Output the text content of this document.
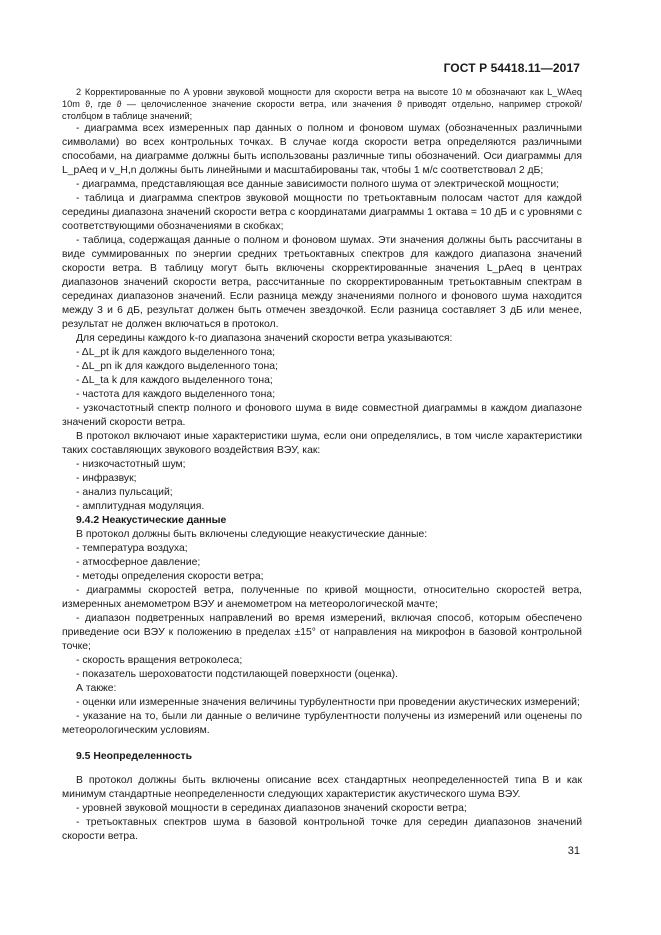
ГОСТ Р 54418.11—2017

2 Корректированные по A уровни звуковой мощности для скорости ветра на высоте 10 м обозначают как L_WAeq 10m ϑ, где ϑ — целочисленное значение скорости ветра, или значения ϑ приводят отдельно, например строкой/столбцом в таблице значений;

- диаграмма всех измеренных пар данных о полном и фоновом шумах (обозначенных различными символами) во всех контрольных точках. В случае когда скорости ветра определяются различными способами, на диаграмме должны быть использованы различные типы обозначений. Оси диаграммы для L_pAeq и v_H,n должны быть линейными и масштабированы так, чтобы 1 м/с соответствовал 2 дБ;

- диаграмма, представляющая все данные зависимости полного шума от электрической мощности;

- таблица и диаграмма спектров звуковой мощности по третьоктавным полосам частот для каждой середины диапазона значений скорости ветра с координатами диаграммы 1 октава = 10 дБ и с уровнями с соответствующими обозначениями в скобках;

- таблица, содержащая данные о полном и фоновом шумах. Эти значения должны быть рассчитаны в виде суммированных по энергии средних третьоктавных спектров для каждого диапазона значений скорости ветра. В таблицу могут быть включены скорректированные значения L_pAeq в центрах диапазонов значений скорости ветра, рассчитанные по скорректированным третьоктавным спектрам в серединах диапазонов значений. Если разница между значениями полного и фонового шума находится между 3 и 6 дБ, результат должен быть отмечен звездочкой. Если разница составляет 3 дБ или менее, результат не должен включаться в протокол.

Для середины каждого k-го диапазона значений скорости ветра указываются:

- ΔL_pt ik для каждого выделенного тона;

- ΔL_pn ik для каждого выделенного тона;

- ΔL_ta k для каждого выделенного тона;

- частота для каждого выделенного тона;

- узкочастотный спектр полного и фонового шума в виде совместной диаграммы в каждом диапазоне значений скорости ветра.

В протокол включают иные характеристики шума, если они определялись, в том числе характеристики таких составляющих звукового воздействия ВЭУ, как:

- низкочастотный шум;

- инфразвук;

- анализ пульсаций;

- амплитудная модуляция.

9.4.2 Неакустические данные

В протокол должны быть включены следующие неакустические данные:

- температура воздуха;

- атмосферное давление;

- методы определения скорости ветра;

- диаграммы скоростей ветра, полученные по кривой мощности, относительно скоростей ветра, измеренных анемометром ВЭУ и анемометром на метеорологической мачте;

- диапазон подветренных направлений во время измерений, включая способ, которым обеспечено приведение оси ВЭУ к положению в пределах ±15° от направления на микрофон в базовой контрольной точке;

- скорость вращения ветроколеса;

- показатель шероховатости подстилающей поверхности (оценка).

А также:

- оценки или измеренные значения величины турбулентности при проведении акустических измерений;

- указание на то, были ли данные о величине турбулентности получены из измерений или оценены по метеорологическим условиям.

9.5 Неопределенность

В протокол должны быть включены описание всех стандартных неопределенностей типа B и как минимум стандартные неопределенности следующих характеристик акустического шума ВЭУ.

- уровней звуковой мощности в серединах диапазонов значений скорости ветра;

- третьоктавных спектров шума в базовой контрольной точке для середин диапазонов значений скорости ветра.

31
